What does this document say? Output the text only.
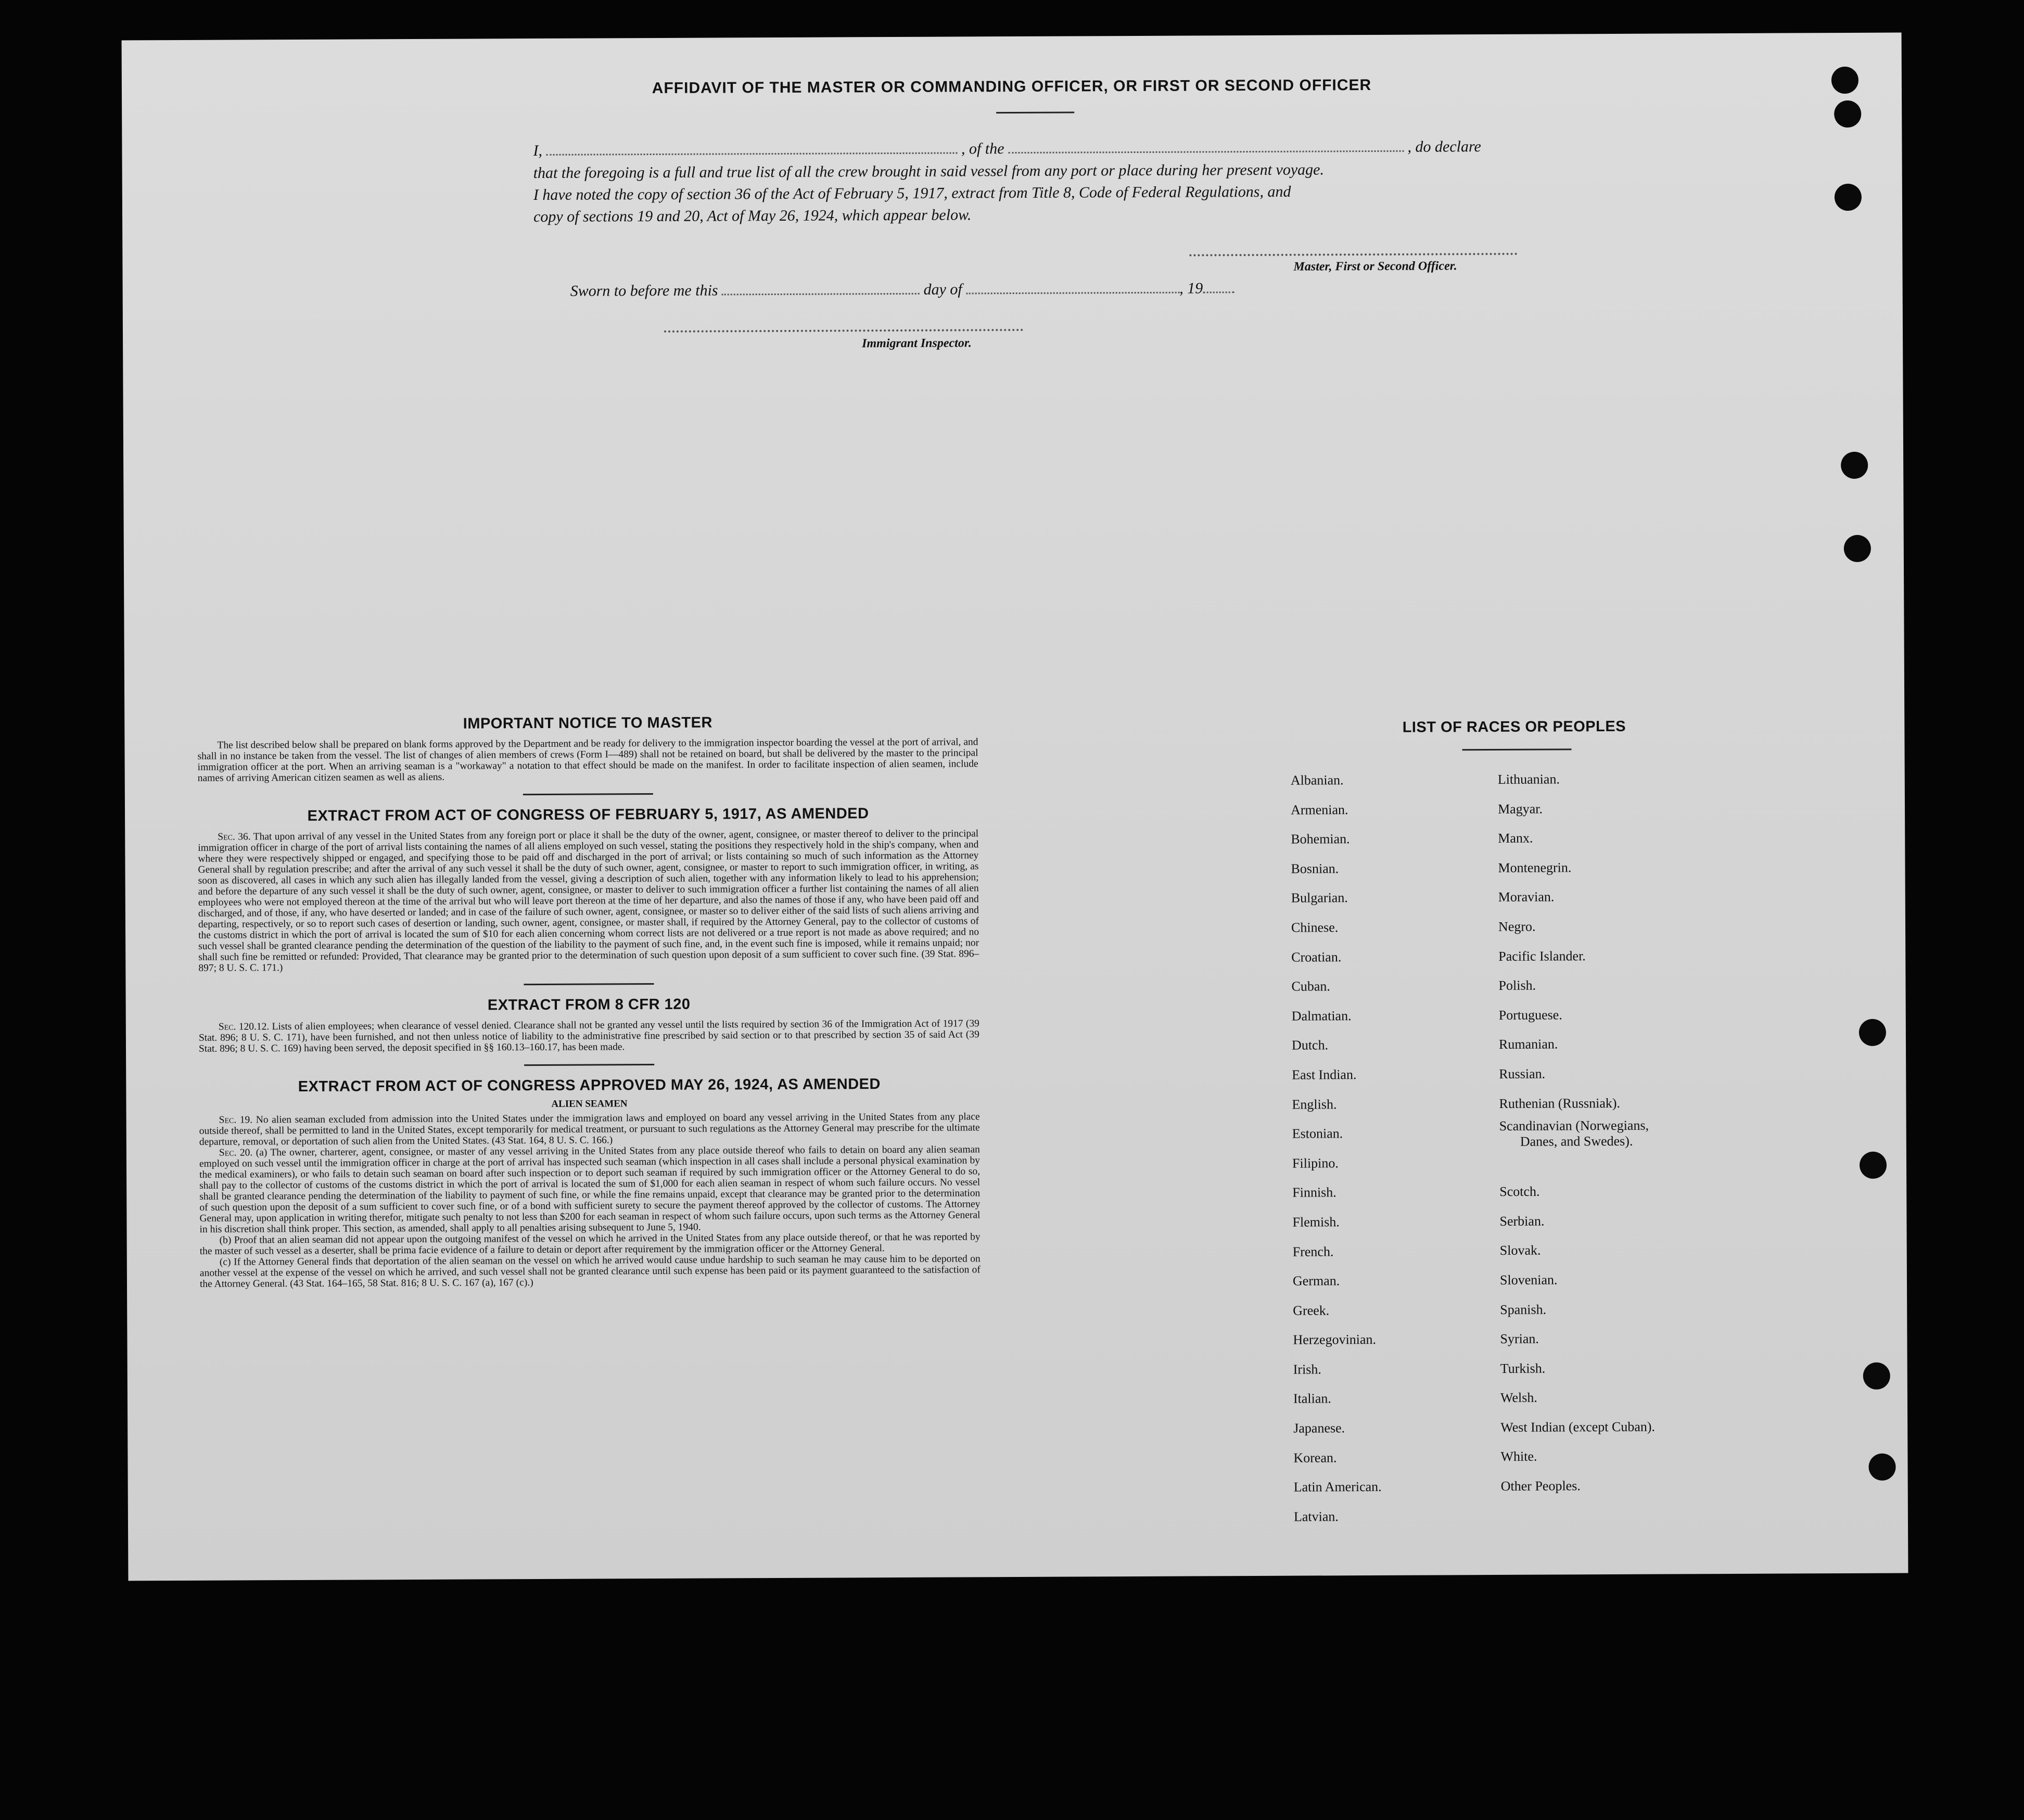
AFFIDAVIT OF THE MASTER OR COMMANDING OFFICER, OR FIRST OR SECOND OFFICER
I,	, of the	, do declare
that the foregoing is a full and true list of all the crew brought in said vessel from any port or place during her present voyage.
I have noted the copy of section 36 of the Act of February 5, 1917, extract from Title 8, Code of Federal Regulations, and
copy of sections 19 and 20, Act of May 26, 1924, which appear below.
Master, First or Second Officer.
Sworn to before me this	day of	, 19
Immigrant Inspector.
IMPORTANT NOTICE TO MASTER

The list described below shall be prepared on blank forms approved by the Department and be ready for delivery to the immigration inspector boarding the vessel at the port of arrival, and shall in no instance be taken from the vessel. The list of changes of alien members of crews (Form I—489) shall not be retained on board, but shall be delivered by the master to the principal immigration officer at the port. When an arriving seaman is a "workaway" a notation to that effect should be made on the manifest. In order to facilitate inspection of alien seamen, include names of arriving American citizen seamen as well as aliens.

EXTRACT FROM ACT OF CONGRESS OF FEBRUARY 5, 1917, AS AMENDED

Sec. 36. That upon arrival of any vessel in the United States from any foreign port or place it shall be the duty of the owner, agent, consignee, or master thereof to deliver to the principal immigration officer in charge of the port of arrival lists containing the names of all aliens employed on such vessel, stating the positions they respectively hold in the ship's company, when and where they were respectively shipped or engaged, and specifying those to be paid off and discharged in the port of arrival; or lists containing so much of such information as the Attorney General shall by regulation prescribe; and after the arrival of any such vessel it shall be the duty of such owner, agent, consignee, or master to report to such immigration officer, in writing, as soon as discovered, all cases in which any such alien has illegally landed from the vessel, giving a description of such alien, together with any information likely to lead to his apprehension; and before the departure of any such vessel it shall be the duty of such owner, agent, consignee, or master to deliver to such immigration officer a further list containing the names of all alien employees who were not employed thereon at the time of the arrival but who will leave port thereon at the time of her departure, and also the names of those if any, who have been paid off and discharged, and of those, if any, who have deserted or landed; and in case of the failure of such owner, agent, consignee, or master so to deliver either of the said lists of such aliens arriving and departing, respectively, or so to report such cases of desertion or landing, such owner, agent, consignee, or master shall, if required by the Attorney General, pay to the collector of customs of the customs district in which the port of arrival is located the sum of $10 for each alien concerning whom correct lists are not delivered or a true report is not made as above required; and no such vessel shall be granted clearance pending the determination of the question of the liability to the payment of such fine, and, in the event such fine is imposed, while it remains unpaid; nor shall such fine be remitted or refunded: Provided, That clearance may be granted prior to the determination of such question upon deposit of a sum sufficient to cover such fine. (39 Stat. 896–897; 8 U. S. C. 171.)

EXTRACT FROM 8 CFR 120

Sec. 120.12. Lists of alien employees; when clearance of vessel denied. Clearance shall not be granted any vessel until the lists required by section 36 of the Immigration Act of 1917 (39 Stat. 896; 8 U. S. C. 171), have been furnished, and not then unless notice of liability to the administrative fine prescribed by said section or to that prescribed by section 35 of said Act (39 Stat. 896; 8 U. S. C. 169) having been served, the deposit specified in §§ 160.13–160.17, has been made.

EXTRACT FROM ACT OF CONGRESS APPROVED MAY 26, 1924, AS AMENDED
ALIEN SEAMEN

Sec. 19. No alien seaman excluded from admission into the United States under the immigration laws and employed on board any vessel arriving in the United States from any place outside thereof, shall be permitted to land in the United States, except temporarily for medical treatment, or pursuant to such regulations as the Attorney General may prescribe for the ultimate departure, removal, or deportation of such alien from the United States. (43 Stat. 164, 8 U. S. C. 166.)

Sec. 20. (a) The owner, charterer, agent, consignee, or master of any vessel arriving in the United States from any place outside thereof who fails to detain on board any alien seaman employed on such vessel until the immigration officer in charge at the port of arrival has inspected such seaman (which inspection in all cases shall include a personal physical examination by the medical examiners), or who fails to detain such seaman on board after such inspection or to deport such seaman if required by such immigration officer or the Attorney General to do so, shall pay to the collector of customs of the customs district in which the port of arrival is located the sum of $1,000 for each alien seaman in respect of whom such failure occurs. No vessel shall be granted clearance pending the determination of the liability to payment of such fine, or while the fine remains unpaid, except that clearance may be granted prior to the determination of such question upon the deposit of a sum sufficient to cover such fine, or of a bond with sufficient surety to secure the payment thereof approved by the collector of customs. The Attorney General may, upon application in writing therefor, mitigate such penalty to not less than $200 for each seaman in respect of whom such failure occurs, upon such terms as the Attorney General in his discretion shall think proper. This section, as amended, shall apply to all penalties arising subsequent to June 5, 1940.

(b) Proof that an alien seaman did not appear upon the outgoing manifest of the vessel on which he arrived in the United States from any place outside thereof, or that he was reported by the master of such vessel as a deserter, shall be prima facie evidence of a failure to detain or deport after requirement by the immigration officer or the Attorney General.

(c) If the Attorney General finds that deportation of the alien seaman on the vessel on which he arrived would cause undue hardship to such seaman he may cause him to be deported on another vessel at the expense of the vessel on which he arrived, and such vessel shall not be granted clearance until such expense has been paid or its payment guaranteed to the satisfaction of the Attorney General. (43 Stat. 164–165, 58 Stat. 816; 8 U. S. C. 167 (a), 167 (c).)

LIST OF RACES OR PEOPLES
Albanian.
Armenian.
Bohemian.
Bosnian.
Bulgarian.
Chinese.
Croatian.
Cuban.
Dalmatian.
Dutch.
East Indian.
English.
Estonian.
Filipino.
Finnish.
Flemish.
French.
German.
Greek.
Herzegovinian.
Irish.
Italian.
Japanese.
Korean.
Latin American.
Latvian.
Lithuanian.
Magyar.
Manx.
Montenegrin.
Moravian.
Negro.
Pacific Islander.
Polish.
Portuguese.
Rumanian.
Russian.
Ruthenian (Russniak).
Scandinavian (Norwegians,
Danes, and Swedes).
Scotch.
Serbian.
Slovak.
Slovenian.
Spanish.
Syrian.
Turkish.
Welsh.
West Indian (except Cuban).
White.
Other Peoples.
